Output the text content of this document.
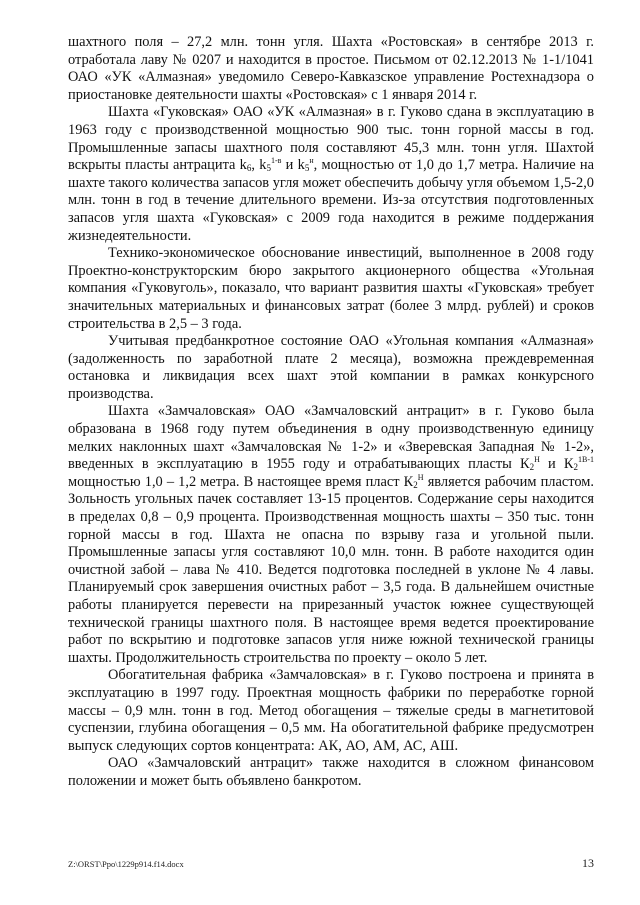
шахтного поля – 27,2 млн. тонн угля. Шахта «Ростовская» в сентябре 2013 г. отработала лаву № 0207 и находится в простое. Письмом от 02.12.2013 № 1-1/1041 ОАО «УК «Алмазная» уведомило Северо-Кавказское управление Ростехнадзора о приостановке деятельности шахты «Ростовская» с 1 января 2014 г.

Шахта «Гуковская» ОАО «УК «Алмазная» в г. Гуково сдана в эксплуатацию в 1963 году с производственной мощностью 900 тыс. тонн горной массы в год. Промышленные запасы шахтного поля составляют 45,3 млн. тонн угля. Шахтой вскрыты пласты антрацита $k_6$, $k_5^{1-в}$ и $k_5^н$, мощностью от 1,0 до 1,7 метра. Наличие на шахте такого количества запасов угля может обеспечить добычу угля объемом 1,5-2,0 млн. тонн в год в течение длительного времени. Из-за отсутствия подготовленных запасов угля шахта «Гуковская» с 2009 года находится в режиме поддержания жизнедеятельности.

Технико-экономическое обоснование инвестиций, выполненное в 2008 году Проектно-конструкторским бюро закрытого акционерного общества «Угольная компания «Гуковуголь», показало, что вариант развития шахты «Гуковская» требует значительных материальных и финансовых затрат (более 3 млрд. рублей) и сроков строительства в 2,5 – 3 года.

Учитывая предбанкротное состояние ОАО «Угольная компания «Алмазная» (задолженность по заработной плате 2 месяца), возможна преждевременная остановка и ликвидация всех шахт этой компании в рамках конкурсного производства.

Шахта «Замчаловская» ОАО «Замчаловский антрацит» в г. Гуково была образована в 1968 году путем объединения в одну производственную единицу мелких наклонных шахт «Замчаловская № 1-2» и «Зверевская Западная № 1-2», введенных в эксплуатацию в 1955 году и отрабатывающих пласты $К_2^Н$ и $К_2^{1В-1}$ мощностью 1,0 – 1,2 метра. В настоящее время пласт $К_2^Н$ является рабочим пластом. Зольность угольных пачек составляет 13-15 процентов. Содержание серы находится в пределах 0,8 – 0,9 процента. Производственная мощность шахты – 350 тыс. тонн горной массы в год. Шахта не опасна по взрыву газа и угольной пыли. Промышленные запасы угля составляют 10,0 млн. тонн. В работе находится один очистной забой – лава № 410. Ведется подготовка последней в уклоне № 4 лавы. Планируемый срок завершения очистных работ – 3,5 года. В дальнейшем очистные работы планируется перевести на прирезанный участок южнее существующей технической границы шахтного поля. В настоящее время ведется проектирование работ по вскрытию и подготовке запасов угля ниже южной технической границы шахты. Продолжительность строительства по проекту – около 5 лет.

Обогатительная фабрика «Замчаловская» в г. Гуково построена и принята в эксплуатацию в 1997 году. Проектная мощность фабрики по переработке горной массы – 0,9 млн. тонн в год. Метод обогащения – тяжелые среды в магнетитовой суспензии, глубина обогащения – 0,5 мм. На обогатительной фабрике предусмотрен выпуск следующих сортов концентрата: АК, АО, АМ, АС, АШ.

ОАО «Замчаловский антрацит» также находится в сложном финансовом положении и может быть объявлено банкротом.

Z:\ORST\Ppo\1229p914.f14.docx	13
